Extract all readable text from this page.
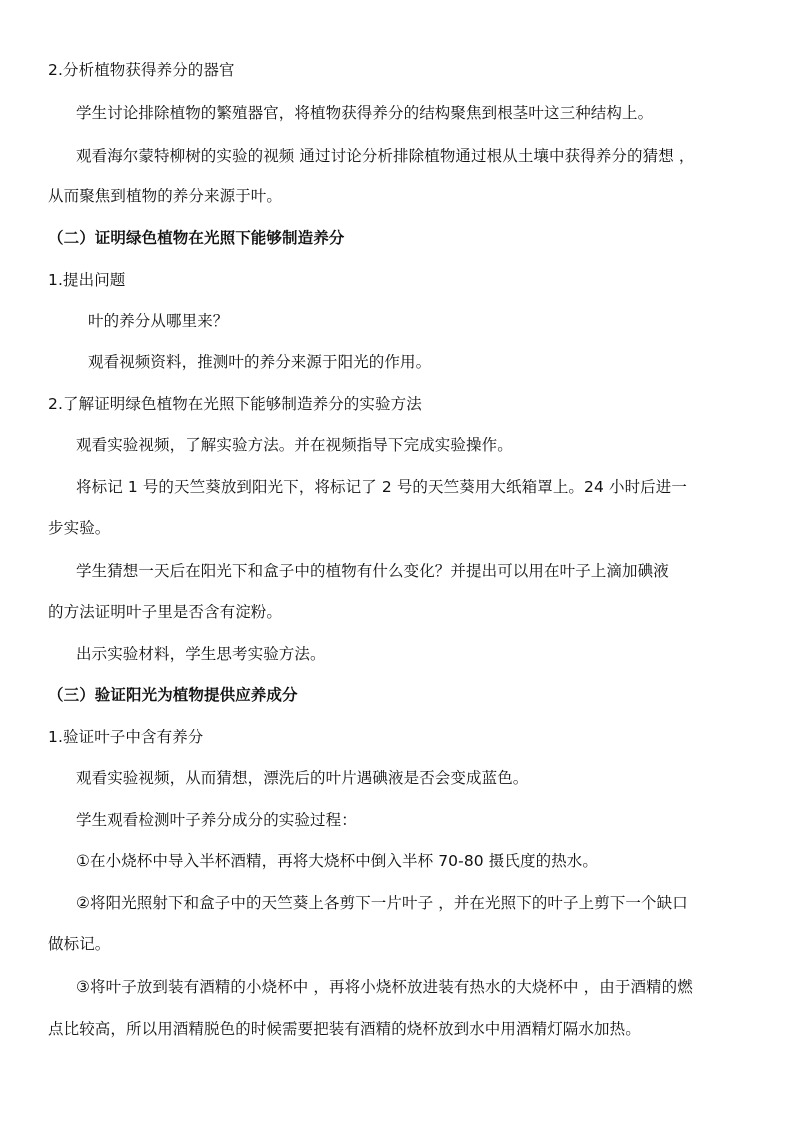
2.分析植物获得养分的器官
学生讨论排除植物的繁殖器官，将植物获得养分的结构聚焦到根茎叶这三种结构上。
观看海尔蒙特柳树的实验的视频 通过讨论分析排除植物通过根从土壤中获得养分的猜想 ，
从而聚焦到植物的养分来源于叶。
（二）证明绿色植物在光照下能够制造养分
1.提出问题
叶的养分从哪里来？
观看视频资料，推测叶的养分来源于阳光的作用。
2.了解证明绿色植物在光照下能够制造养分的实验方法
观看实验视频，了解实验方法。并在视频指导下完成实验操作。
将标记 1 号的天竺葵放到阳光下，将标记了 2 号的天竺葵用大纸箱罩上。24 小时后进一
步实验。
学生猜想一天后在阳光下和盒子中的植物有什么变化？并提出可以用在叶子上滴加碘液
的方法证明叶子里是否含有淀粉。
出示实验材料，学生思考实验方法。
（三）验证阳光为植物提供应养成分
1.验证叶子中含有养分
观看实验视频，从而猜想，漂洗后的叶片遇碘液是否会变成蓝色。
学生观看检测叶子养分成分的实验过程：
①在小烧杯中导入半杯酒精，再将大烧杯中倒入半杯 70-80 摄氏度的热水。
②将阳光照射下和盒子中的天竺葵上各剪下一片叶子 ，并在光照下的叶子上剪下一个缺口
做标记。
③将叶子放到装有酒精的小烧杯中 ，再将小烧杯放进装有热水的大烧杯中 ，由于酒精的燃
点比较高，所以用酒精脱色的时候需要把装有酒精的烧杯放到水中用酒精灯隔水加热。
